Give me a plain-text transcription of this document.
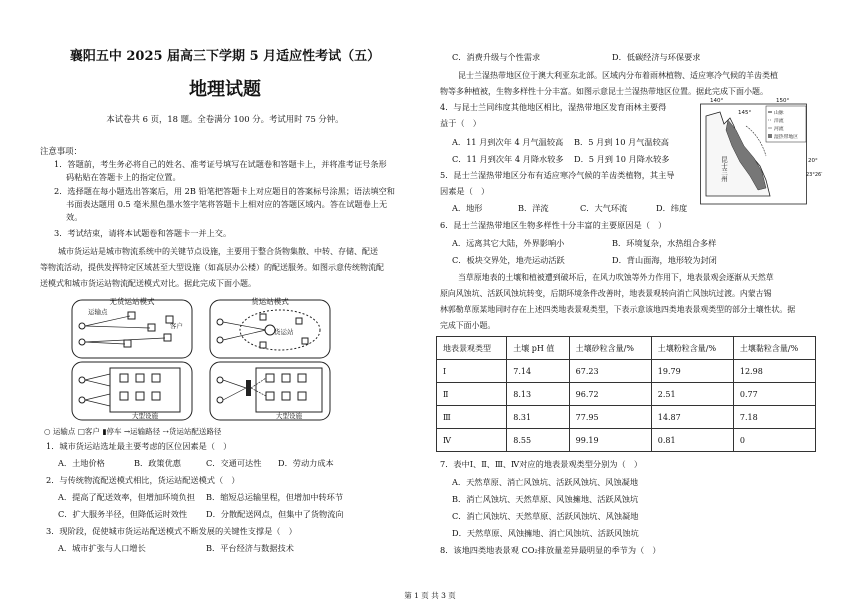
襄阳五中 2025 届高三下学期 5 月适应性考试（五）
地理试题
本试卷共 6 页，18 题。全卷满分 100 分。考试用时 75 分钟。
注意事项：
1．答题前，考生务必将自己的姓名、准考证号填写在试题卷和答题卡上，并将准考证号条形
码粘贴在答题卡上的指定位置。
2．选择题在每小题选出答案后，用 2B 铅笔把答题卡上对应题目的答案标号涂黑；语法填空和
书面表达题用 0.5 毫米黑色墨水签字笔将答题卡上相对应的答题区域内。答在试题卷上无
效。
3．考试结束，请将本试题卷和答题卡一并上交。
城市货运站是城市物流系统中的关键节点设施，主要用于整合货物集散、中转、存储、配送
等物流活动，提供发挥特定区域甚至大型设施（如高层办公楼）的配送服务。如图示意传统物流配
送模式和城市货运站物流配送模式对比。据此完成下面小题。
无货运站模式
运输点
客户
货运站模式
货运站
大型设施	大型设施
○ 运输点 □客户 ▮停车 →运输路径 ⇢货运站配送路径
1．城市货运站选址最主要考虑的区位因素是（　）
A．土地价格	B．政策优惠	C．交通可达性 D．劳动力成本
2．与传统物流配送模式相比，货运站配送模式（　）
A．提高了配送效率，但增加环境负担 B．缩短总运输里程，但增加中转环节
C．扩大服务半径，但降低运时效性 D．分散配送网点，但集中了货物流向
3．现阶段，促使城市货运站配送模式不断发展的关键性支撑是（　）
A．城市扩张与人口增长	B．平台经济与数据技术
C．消费升级与个性需求	D．低碳经济与环保要求
昆士兰湿热带地区位于澳大利亚东北部。区域内分布着雨林植物、适应寒冷气候的羊齿类植
物等多种植被，生物多样性十分丰富。如图示意昆士兰湿热带地区位置。据此完成下面小题。
4．与昆士兰同纬度其他地区相比，湿热带地区发育雨林主要得
益于（　）
A．11 月到次年 4 月气温较高 B．5 月到 10 月气温较高
C．11 月到次年 4 月降水较多 D．5 月到 10 月降水较多
5．昆士兰湿热带地区分布有适应寒冷气候的羊齿类植物，其主导
因素是（　）
A．地形	B．洋流	C．大气环流	D．纬度
140°	150°
20°
23°26′
145°
昆士兰州
山脉
洋流
河流
湿热带地区
6．昆士兰湿热带地区生物多样性十分丰富的主要原因是（　）
A．远离其它大陆，外界影响小	B．环境复杂，水热组合多样
C．板块交界处，地壳运动活跃	D．背山面海，地形较为封闭
当草原地表的土壤和植被遭到破坏后，在风力吹蚀等外力作用下，地表景观会逐渐从天然草
原向风蚀坑、活跃风蚀坑转变，后期环境条件改善时，地表景观转向消亡风蚀坑过渡。内蒙古锡
林郭勒草原某地同时存在上述四类地表景观类型，下表示意该地四类地表景观类型的部分土壤性状。据
完成下面小题。
地表景观类型	土壤 pH 值	土壤砂粒含量/%	土壤粉粒含量/%	土壤黏粒含量/%
Ⅰ	7.14	67.23	19.79	12.98
Ⅱ	8.13	96.72	2.51	0.77
Ⅲ	8.31	77.95	14.87	7.18
Ⅳ	8.55	99.19	0.81	0
7．表中Ⅰ、Ⅱ、Ⅲ、Ⅳ对应的地表景观类型分别为（　）
A．天然草原、消亡风蚀坑、活跃风蚀坑、风蚀凝地
B．消亡风蚀坑、天然草原、风蚀擁地、活跃风蚀坑
C．消亡风蚀坑、天然草原、活跃风蚀坑、风蚀凝地
D．天然草原、风蚀擁地、消亡风蚀坑、活跃风蚀坑
8．该地四类地表景观 CO₂排放量差异最明显的季节为（　）
第 1 页 共 3 页
